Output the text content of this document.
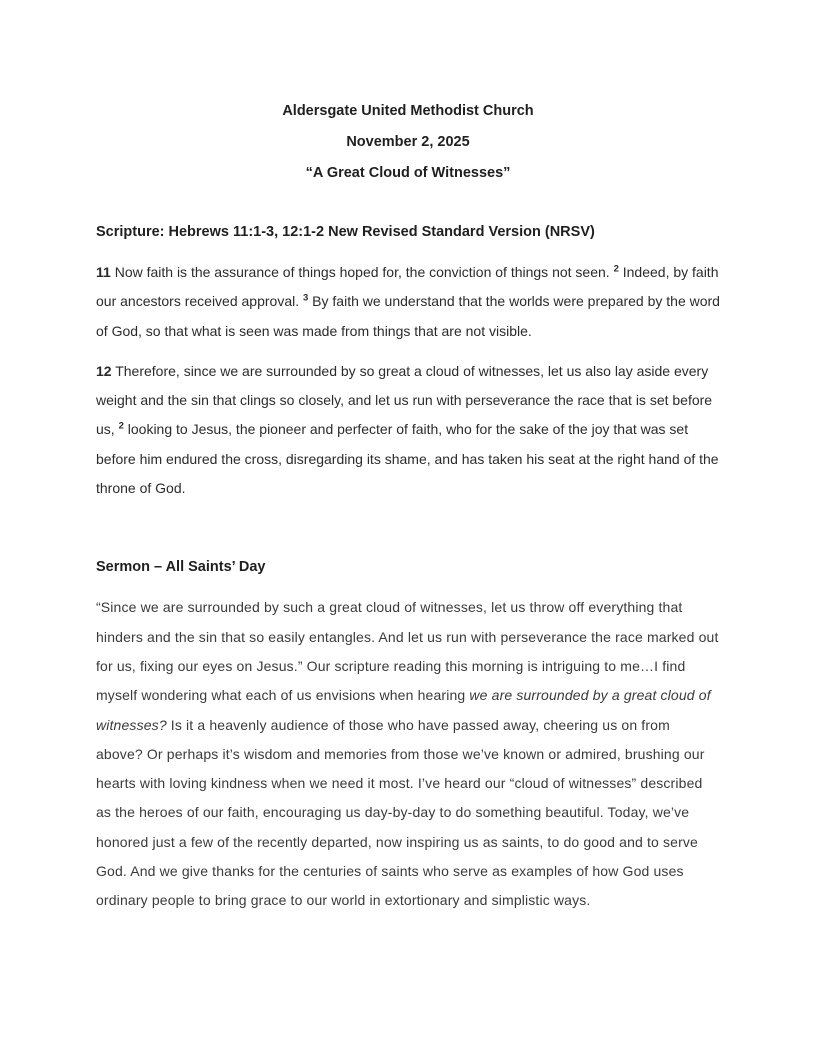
Aldersgate United Methodist Church

November 2, 2025

“A Great Cloud of Witnesses”

Scripture: Hebrews 11:1-3, 12:1-2 New Revised Standard Version (NRSV)

11 Now faith is the assurance of things hoped for, the conviction of things not seen. $^2$ Indeed, by faith our ancestors received approval. $^3$ By faith we understand that the worlds were prepared by the word of God, so that what is seen was made from things that are not visible.

12 Therefore, since we are surrounded by so great a cloud of witnesses, let us also lay aside every weight and the sin that clings so closely, and let us run with perseverance the race that is set before us, $^2$ looking to Jesus, the pioneer and perfecter of faith, who for the sake of the joy that was set before him endured the cross, disregarding its shame, and has taken his seat at the right hand of the throne of God.

Sermon – All Saints’ Day

“Since we are surrounded by such a great cloud of witnesses, let us throw off everything that hinders and the sin that so easily entangles. And let us run with perseverance the race marked out for us, fixing our eyes on Jesus.” Our scripture reading this morning is intriguing to me…I find myself wondering what each of us envisions when hearing we are surrounded by a great cloud of witnesses? Is it a heavenly audience of those who have passed away, cheering us on from above? Or perhaps it’s wisdom and memories from those we’ve known or admired, brushing our hearts with loving kindness when we need it most. I’ve heard our “cloud of witnesses” described as the heroes of our faith, encouraging us day-by-day to do something beautiful. Today, we’ve honored just a few of the recently departed, now inspiring us as saints, to do good and to serve God. And we give thanks for the centuries of saints who serve as examples of how God uses ordinary people to bring grace to our world in extortionary and simplistic ways.
